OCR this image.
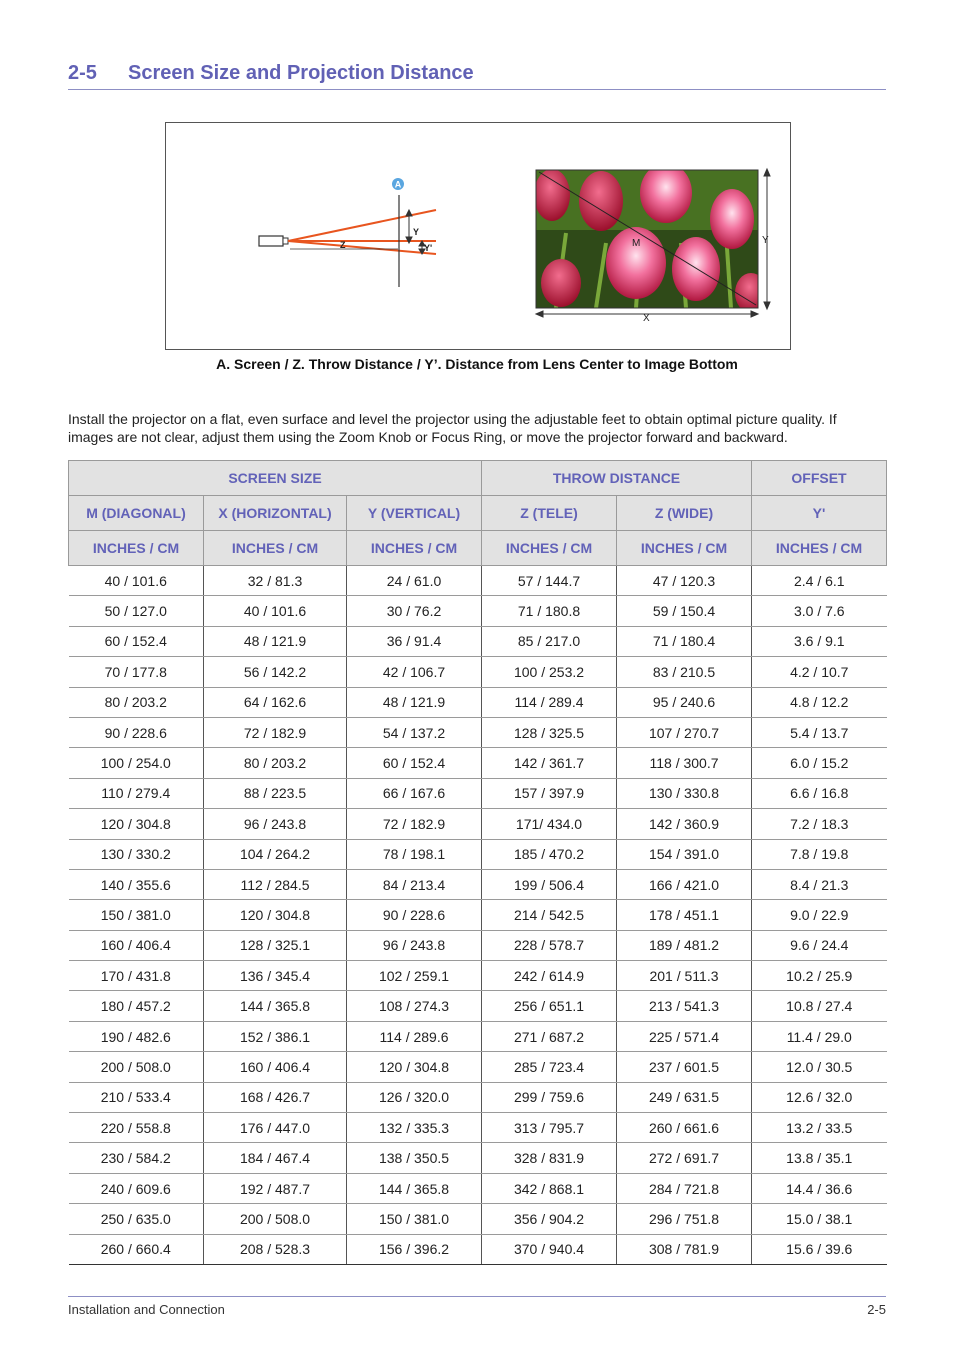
2-5 Screen Size and Projection Distance
A
Y
Z	Y'	M	Y
X
A. Screen / Z. Throw Distance / Y’. Distance from Lens Center to Image Bottom
Install the projector on a flat, even surface and level the projector using the adjustable feet to obtain optimal picture quality. If images are not clear, adjust them using the Zoom Knob or Focus Ring, or move the projector forward and backward.
SCREEN SIZE			THROW DISTANCE		OFFSET
M (DIAGONAL)	X (HORIZONTAL)	Y (VERTICAL)	Z (TELE)	Z (WIDE)	Y'
INCHES / CM	INCHES / CM	INCHES / CM	INCHES / CM	INCHES / CM	INCHES / CM
40 / 101.6	32 / 81.3	24 / 61.0	57 / 144.7	47 / 120.3	2.4 / 6.1
50 / 127.0	40 / 101.6	30 / 76.2	71 / 180.8	59 / 150.4	3.0 / 7.6
60 / 152.4	48 / 121.9	36 / 91.4	85 / 217.0	71 / 180.4	3.6 / 9.1
70 / 177.8	56 / 142.2	42 / 106.7	100 / 253.2	83 / 210.5	4.2 / 10.7
80 / 203.2	64 / 162.6	48 / 121.9	114 / 289.4	95 / 240.6	4.8 / 12.2
90 / 228.6	72 / 182.9	54 / 137.2	128 / 325.5	107 / 270.7	5.4 / 13.7
100 / 254.0	80 / 203.2	60 / 152.4	142 / 361.7	118 / 300.7	6.0 / 15.2
110 / 279.4	88 / 223.5	66 / 167.6	157 / 397.9	130 / 330.8	6.6 / 16.8
120 / 304.8	96 / 243.8	72 / 182.9	171/ 434.0	142 / 360.9	7.2 / 18.3
130 / 330.2	104 / 264.2	78 / 198.1	185 / 470.2	154 / 391.0	7.8 / 19.8
140 / 355.6	112 / 284.5	84 / 213.4	199 / 506.4	166 / 421.0	8.4 / 21.3
150 / 381.0	120 / 304.8	90 / 228.6	214 / 542.5	178 / 451.1	9.0 / 22.9
160 / 406.4	128 / 325.1	96 / 243.8	228 / 578.7	189 / 481.2	9.6 / 24.4
170 / 431.8	136 / 345.4	102 / 259.1	242 / 614.9	201 / 511.3	10.2 / 25.9
180 / 457.2	144 / 365.8	108 / 274.3	256 / 651.1	213 / 541.3	10.8 / 27.4
190 / 482.6	152 / 386.1	114 / 289.6	271 / 687.2	225 / 571.4	11.4 / 29.0
200 / 508.0	160 / 406.4	120 / 304.8	285 / 723.4	237 / 601.5	12.0 / 30.5
210 / 533.4	168 / 426.7	126 / 320.0	299 / 759.6	249 / 631.5	12.6 / 32.0
220 / 558.8	176 / 447.0	132 / 335.3	313 / 795.7	260 / 661.6	13.2 / 33.5
230 / 584.2	184 / 467.4	138 / 350.5	328 / 831.9	272 / 691.7	13.8 / 35.1
240 / 609.6	192 / 487.7	144 / 365.8	342 / 868.1	284 / 721.8	14.4 / 36.6
250 / 635.0	200 / 508.0	150 / 381.0	356 / 904.2	296 / 751.8	15.0 / 38.1
260 / 660.4	208 / 528.3	156 / 396.2	370 / 940.4	308 / 781.9	15.6 / 39.6
Installation and Connection	2-5
